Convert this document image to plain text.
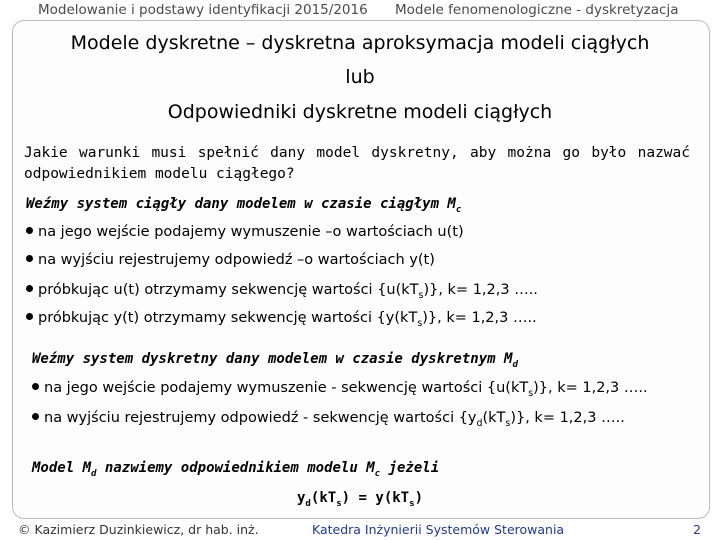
Modelowanie i podstawy identyfikacji 2015/2016 Modele fenomenologiczne - dyskretyzacja
Modele dyskretne – dyskretna aproksymacja modeli ciągłych
lub
Odpowiedniki dyskretne modeli ciągłych
Jakie warunki musi spełnić dany model dyskretny, aby można go było nazwać odpowiednikiem modelu ciągłego?
Weźmy system ciągły dany modelem w czasie ciągłym $M_c$
na jego wejście podajemy wymuszenie –o wartościach u(t)
na wyjściu rejestrujemy odpowiedź –o wartościach y(t)
próbkując u(t) otrzymamy sekwencję wartości $\{u(kT_s)\}$, k= 1,2,3 …..
próbkując y(t) otrzymamy sekwencję wartości $\{y(kT_s)\}$, k= 1,2,3 …..
Weźmy system dyskretny dany modelem w czasie dyskretnym $M_d$
na jego wejście podajemy wymuszenie - sekwencję wartości $\{u(kT_s)\}$, k= 1,2,3 …..
na wyjściu rejestrujemy odpowiedź - sekwencję wartości $\{y_d(kT_s)\}$, k= 1,2,3 …..
Model $M_d$ nazwiemy odpowiednikiem modelu $M_c$ jeżeli
$y_d(kT_s) = y(kT_s)$
© Kazimierz Duzinkiewicz, dr hab. inż.	Katedra Inżynierii Systemów Sterowania	2
